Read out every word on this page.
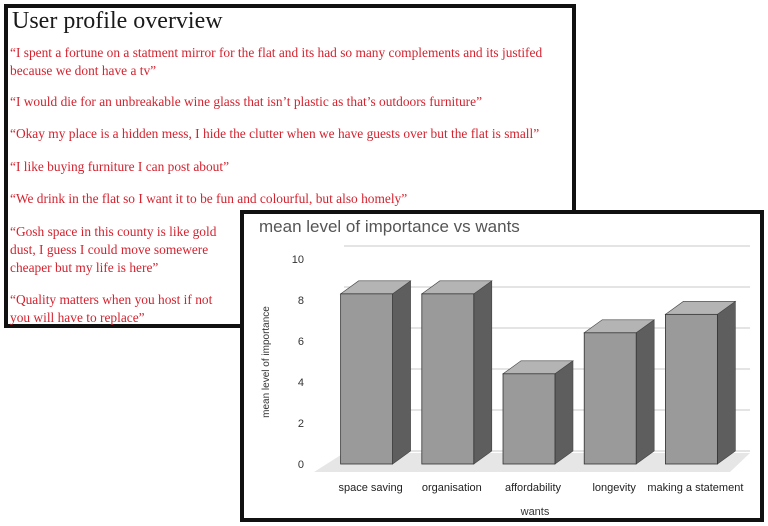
User profile overview
“I spent a fortune on a statment mirror for the flat and its had so many complements and its justifed
because we dont have a tv”
“I would die for an unbreakable wine glass that isn’t plastic as that’s outdoors furniture”
“Okay my place is a hidden mess, I hide the clutter when we have guests over but the flat is small”
“I like buying furniture I can post about”
“We drink in the flat so I want it to be fun and colourful, but also homely”
“Gosh space in this county is like gold
dust, I guess I could move somewere
cheaper but my life is here”
“Quality matters when you host if not
you will have to replace”
mean level of importance vs wants
0
2
4
6
8
10
space saving organisation affordability	longevity making a statement
wants
mean level of importance
